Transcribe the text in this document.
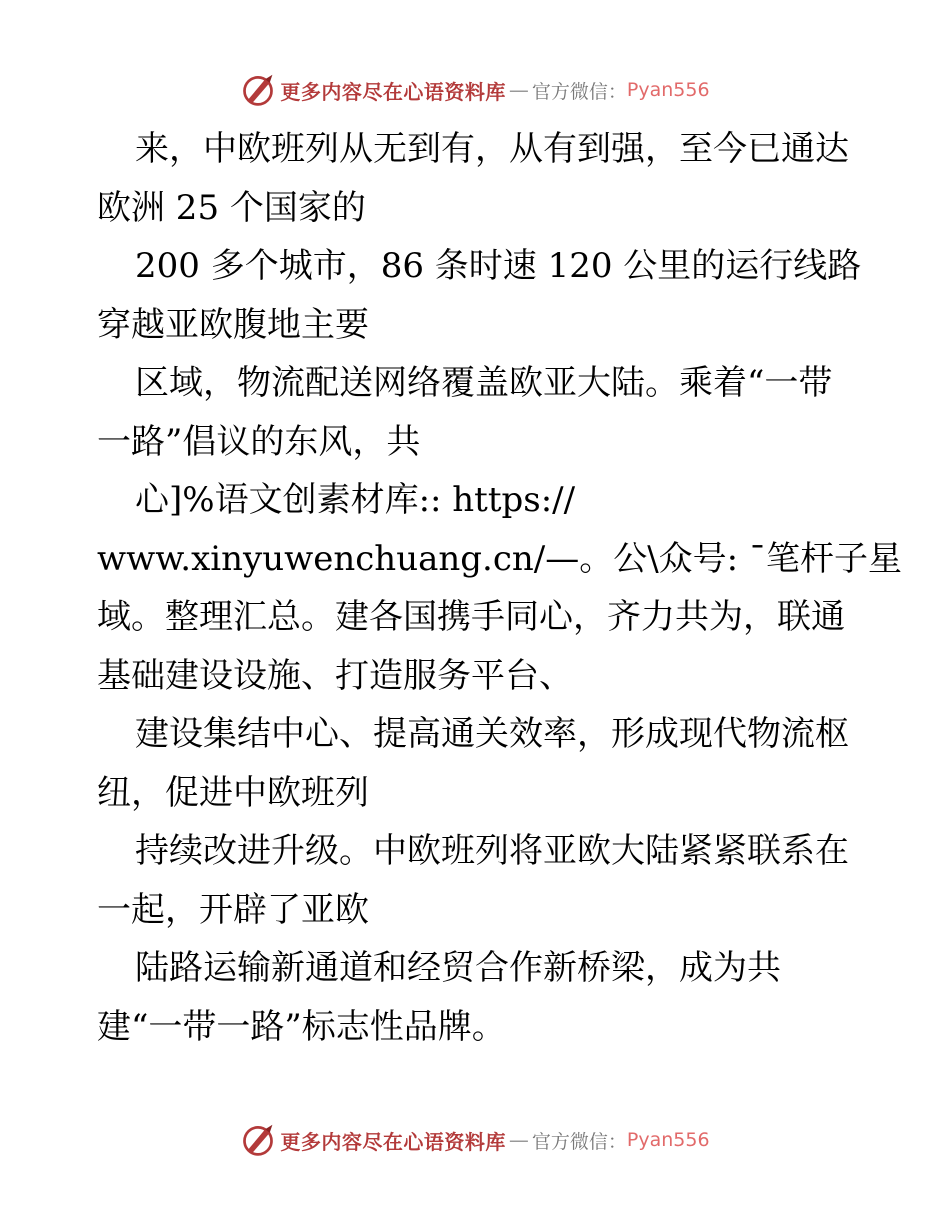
更多内容尽在心语资料库 — 官方微信： Pyan556

来，中欧班列从无到有，从有到强，至今已通达

欧洲 25 个国家的

200 多个城市，86 条时速 120 公里的运行线路

穿越亚欧腹地主要

区域，物流配送网络覆盖欧亚大陆。乘着“一带

一路”倡议的东风，共

心]%语文创素材库:: https://

www.xinyuwenchuang.cn/—。公\众号: ¯笔杆子星

域。整理汇总。建各国携手同心，齐力共为，联通

基础建设设施、打造服务平台、

建设集结中心、提高通关效率，形成现代物流枢

纽，促进中欧班列

持续改进升级。中欧班列将亚欧大陆紧紧联系在

一起，开辟了亚欧

陆路运输新通道和经贸合作新桥梁，成为共

建“一带一路”标志性品牌。

更多内容尽在心语资料库 — 官方微信： Pyan556
